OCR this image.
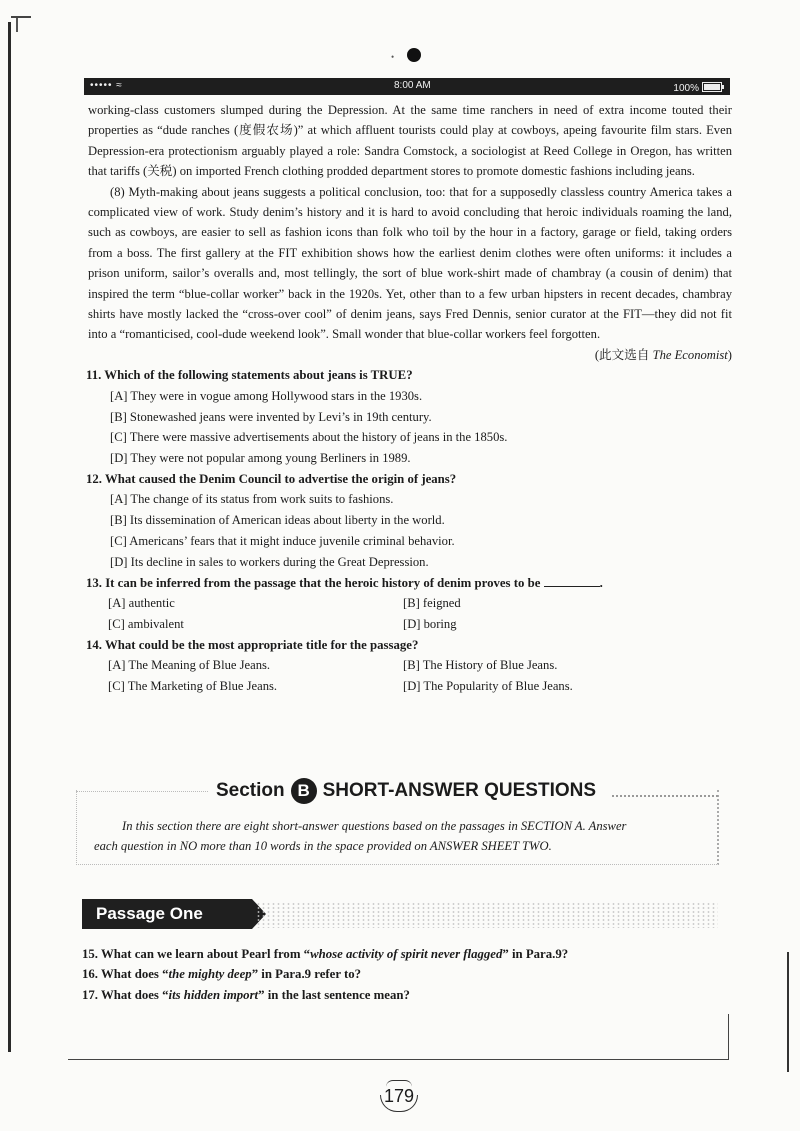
•
••••• ≈	8:00 AM	100%

working-class customers slumped during the Depression. At the same time ranchers in need of extra income touted their properties as “dude ranches (度假农场)” at which affluent tourists could play at cowboys, apeing favourite film stars. Even Depression-era protectionism arguably played a role: Sandra Comstock, a sociologist at Reed College in Oregon, has written that tariffs (关税) on imported French clothing prodded department stores to promote domestic fashions including jeans.

(8) Myth-making about jeans suggests a political conclusion, too: that for a supposedly classless country America takes a complicated view of work. Study denim’s history and it is hard to avoid concluding that heroic individuals roaming the land, such as cowboys, are easier to sell as fashion icons than folk who toil by the hour in a factory, garage or field, taking orders from a boss. The first gallery at the FIT exhibition shows how the earliest denim clothes were often uniforms: it includes a prison uniform, sailor’s overalls and, most tellingly, the sort of blue work-shirt made of chambray (a cousin of denim) that inspired the term “blue-collar worker” back in the 1920s. Yet, other than to a few urban hipsters in recent decades, chambray shirts have mostly lacked the “cross-over cool” of denim jeans, says Fred Dennis, senior curator at the FIT—they did not fit into a “romanticised, cool-dude weekend look”. Small wonder that blue-collar workers feel forgotten.

(此文选自 The Economist)

11. Which of the following statements about jeans is TRUE?

[A] They were in vogue among Hollywood stars in the 1930s.

[B] Stonewashed jeans were invented by Levi’s in 19th century.

[C] There were massive advertisements about the history of jeans in the 1850s.

[D] They were not popular among young Berliners in 1989.

12. What caused the Denim Council to advertise the origin of jeans?

[A] The change of its status from work suits to fashions.

[B] Its dissemination of American ideas about liberty in the world.

[C] Americans’ fears that it might induce juvenile criminal behavior.

[D] Its decline in sales to workers during the Great Depression.

13. It can be inferred from the passage that the heroic history of denim proves to be	.

[A] authentic	[B] feigned
[C] ambivalent	[D] boring

14. What could be the most appropriate title for the passage?

[A] The Meaning of Blue Jeans.	[B] The History of Blue Jeans.
[C] The Marketing of Blue Jeans.	[D] The Popularity of Blue Jeans.
Section B SHORT-ANSWER QUESTIONS
In this section there are eight short-answer questions based on the passages in SECTION A. Answer
each question in NO more than 10 words in the space provided on ANSWER SHEET TWO.
Passage One

15. What can we learn about Pearl from “whose activity of spirit never flagged” in Para.9?

16. What does “the mighty deep” in Para.9 refer to?

17. What does “its hidden import” in the last sentence mean?

179
